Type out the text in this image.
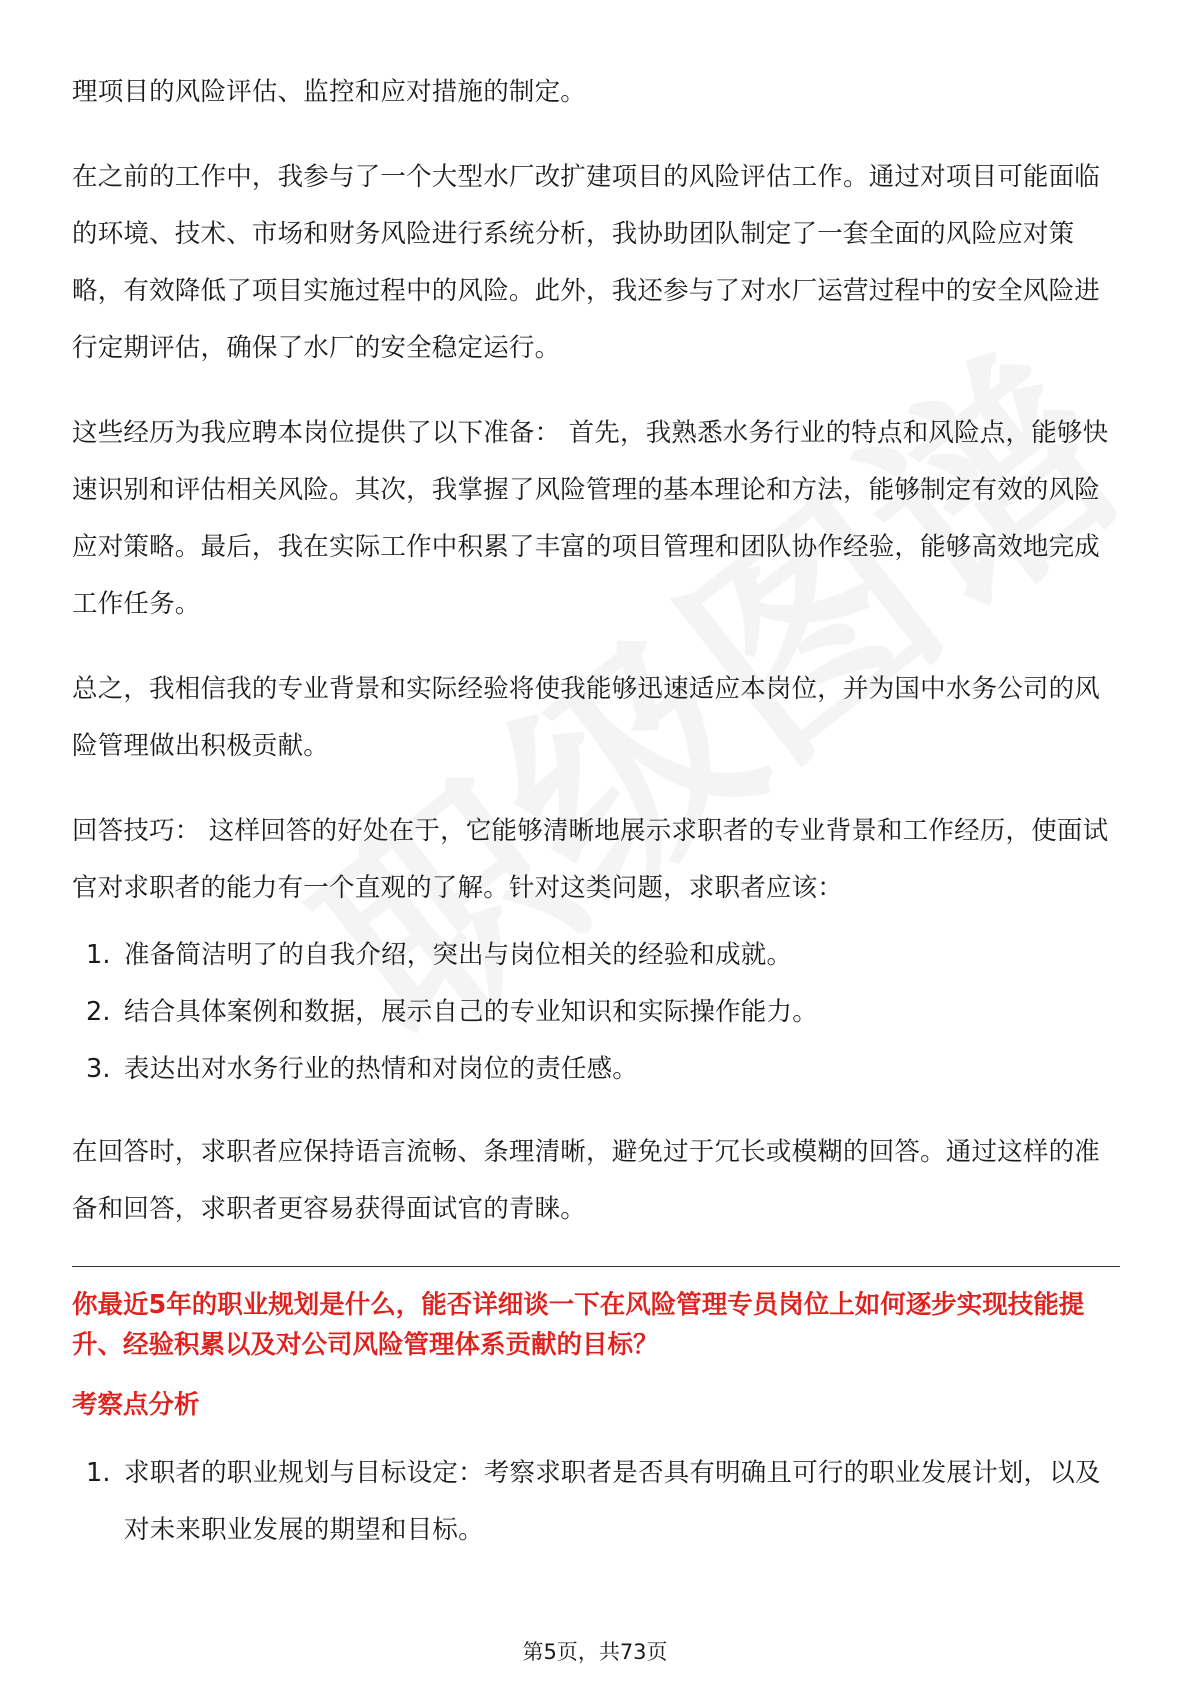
理项目的风险评估、监控和应对措施的制定。

在之前的工作中，我参与了一个大型水厂改扩建项目的风险评估工作。通过对项目可能面临的环境、技术、市场和财务风险进行系统分析，我协助团队制定了一套全面的风险应对策略，有效降低了项目实施过程中的风险。此外，我还参与了对水厂运营过程中的安全风险进行定期评估，确保了水厂的安全稳定运行。

这些经历为我应聘本岗位提供了以下准备： 首先，我熟悉水务行业的特点和风险点，能够快速识别和评估相关风险。其次，我掌握了风险管理的基本理论和方法，能够制定有效的风险应对策略。最后，我在实际工作中积累了丰富的项目管理和团队协作经验，能够高效地完成工作任务。

总之，我相信我的专业背景和实际经验将使我能够迅速适应本岗位，并为国中水务公司的风险管理做出积极贡献。

回答技巧： 这样回答的好处在于，它能够清晰地展示求职者的专业背景和工作经历，使面试官对求职者的能力有一个直观的了解。针对这类问题，求职者应该：

1. 准备简洁明了的自我介绍，突出与岗位相关的经验和成就。
2. 结合具体案例和数据，展示自己的专业知识和实际操作能力。
3. 表达出对水务行业的热情和对岗位的责任感。

在回答时，求职者应保持语言流畅、条理清晰，避免过于冗长或模糊的回答。通过这样的准备和回答，求职者更容易获得面试官的青睐。

你最近5年的职业规划是什么，能否详细谈一下在风险管理专员岗位上如何逐步实现技能提升、经验积累以及对公司风险管理体系贡献的目标？
考察点分析
1. 求职者的职业规划与目标设定：考察求职者是否具有明确且可行的职业发展计划，以及对未来职业发展的期望和目标。
第5页，共73页
